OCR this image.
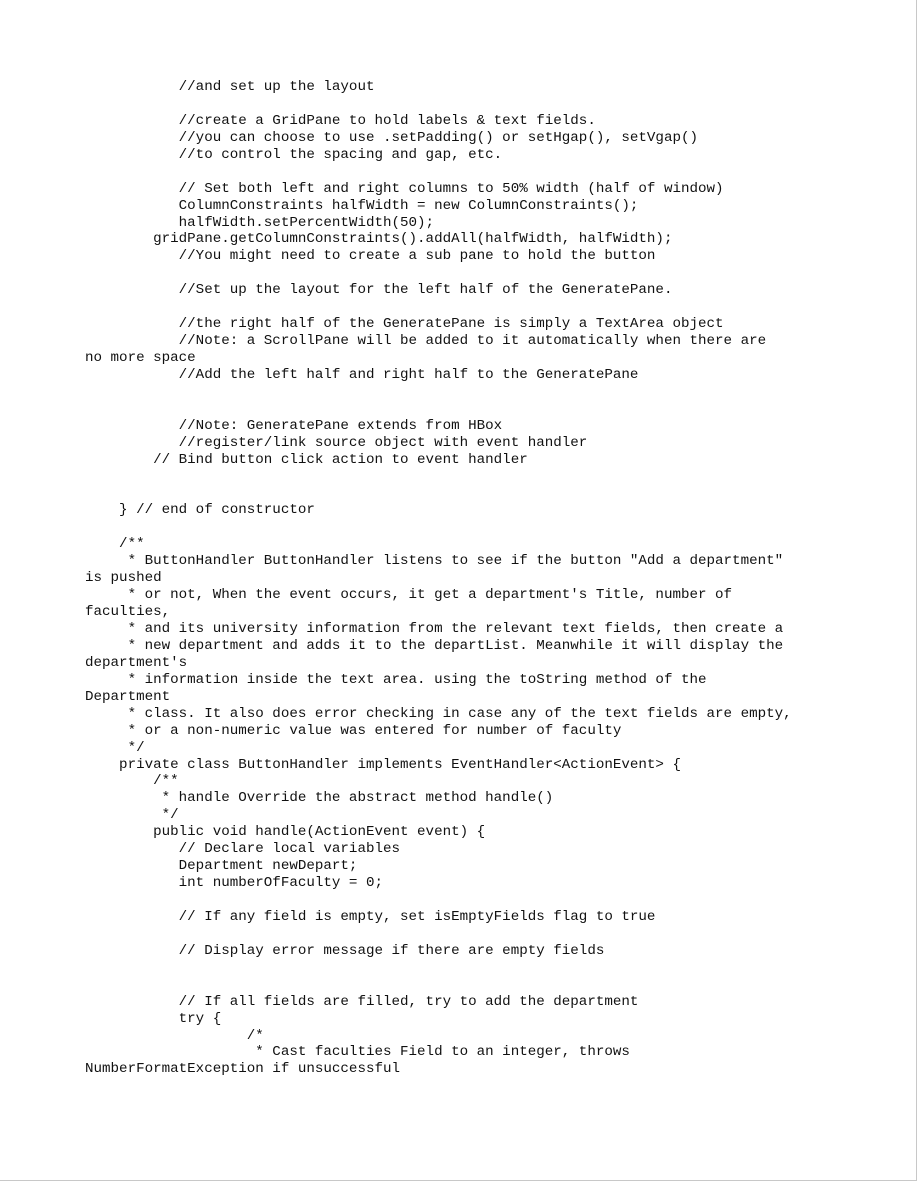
//and set up the layout
//create a GridPane to hold labels & text fields.
//you can choose to use .setPadding() or setHgap(), setVgap()
//to control the spacing and gap, etc.
// Set both left and right columns to 50% width (half of window)
ColumnConstraints halfWidth = new ColumnConstraints();
halfWidth.setPercentWidth(50);
gridPane.getColumnConstraints().addAll(halfWidth, halfWidth);
//You might need to create a sub pane to hold the button
//Set up the layout for the left half of the GeneratePane.
//the right half of the GeneratePane is simply a TextArea object
//Note: a ScrollPane will be added to it automatically when there are
no more space
//Add the left half and right half to the GeneratePane
//Note: GeneratePane extends from HBox
//register/link source object with event handler
// Bind button click action to event handler
} // end of constructor
/**
* ButtonHandler ButtonHandler listens to see if the button "Add a department"
is pushed
* or not, When the event occurs, it get a department's Title, number of
faculties,
* and its university information from the relevant text fields, then create a
* new department and adds it to the departList. Meanwhile it will display the
department's
* information inside the text area. using the toString method of the
Department
* class. It also does error checking in case any of the text fields are empty,
* or a non-numeric value was entered for number of faculty
*/
private class ButtonHandler implements EventHandler<ActionEvent> {
/**
* handle Override the abstract method handle()
*/
public void handle(ActionEvent event) {
// Declare local variables
Department newDepart;
int numberOfFaculty = 0;
// If any field is empty, set isEmptyFields flag to true
// Display error message if there are empty fields
// If all fields are filled, try to add the department
try {
/*
* Cast faculties Field to an integer, throws
NumberFormatException if unsuccessful
